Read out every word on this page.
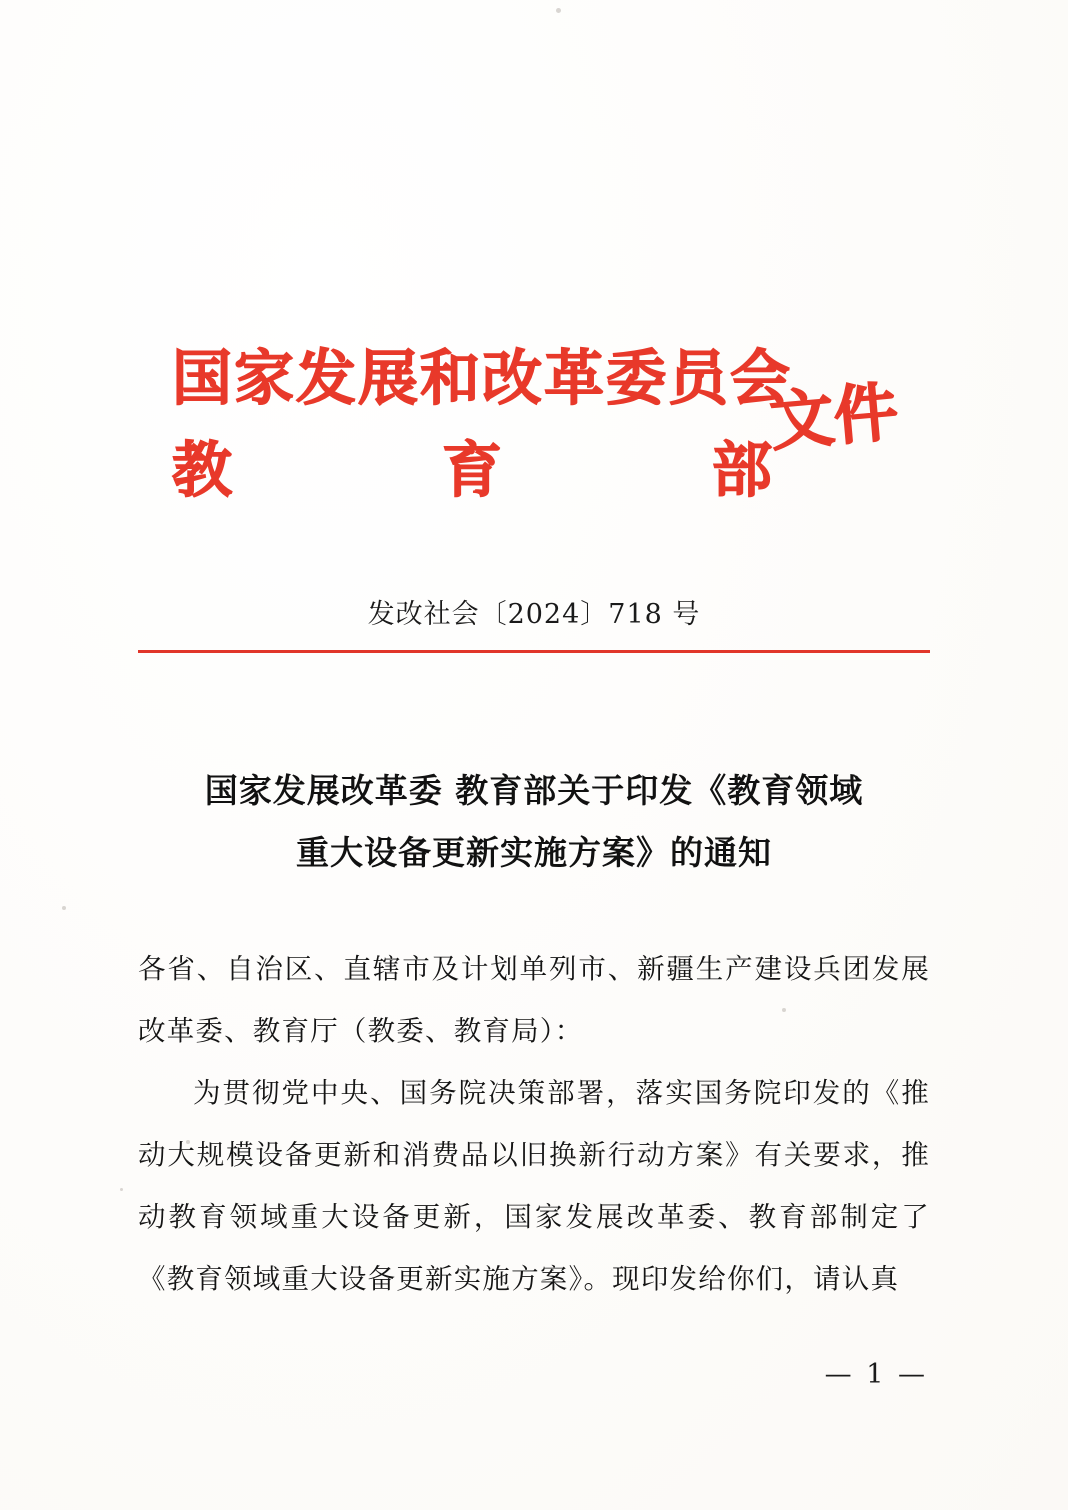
国家发展和改革委员会
教	育	部
文件
发改社会〔2024〕718 号
国家发展改革委 教育部关于印发《教育领域
重大设备更新实施方案》的通知

各省、自治区、直辖市及计划单列市、新疆生产建设兵团发展改革委、教育厅（教委、教育局）：

为贯彻党中央、国务院决策部署，落实国务院印发的《推动大规模设备更新和消费品以旧换新行动方案》有关要求，推动教育领域重大设备更新，国家发展改革委、教育部制定了《教育领域重大设备更新实施方案》。现印发给你们，请认真

— 1 —
